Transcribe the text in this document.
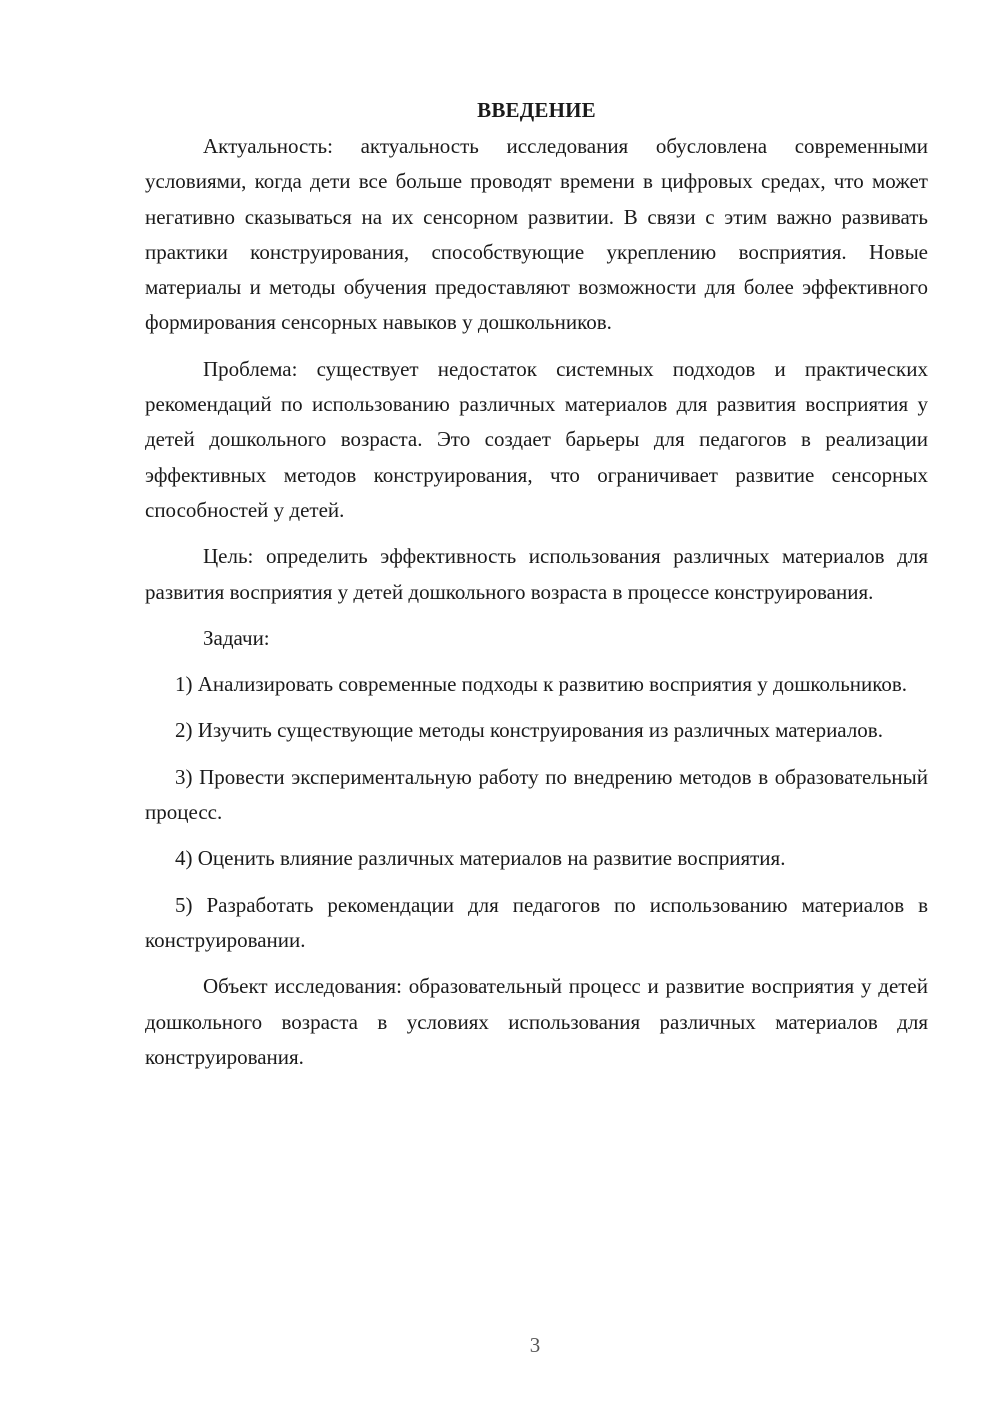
ВВЕДЕНИЕ

Актуальность: актуальность исследования обусловлена современными условиями, когда дети все больше проводят времени в цифровых средах, что может негативно сказываться на их сенсорном развитии. В связи с этим важно развивать практики конструирования, способствующие укреплению восприятия. Новые материалы и методы обучения предоставляют возможности для более эффективного формирования сенсорных навыков у дошкольников.

Проблема: существует недостаток системных подходов и практических рекомендаций по использованию различных материалов для развития восприятия у детей дошкольного возраста. Это создает барьеры для педагогов в реализации эффективных методов конструирования, что ограничивает развитие сенсорных способностей у детей.

Цель: определить эффективность использования различных материалов для развития восприятия у детей дошкольного возраста в процессе конструирования.

Задачи:

1) Анализировать современные подходы к развитию восприятия у дошкольников.

2) Изучить существующие методы конструирования из различных материалов.

3) Провести экспериментальную работу по внедрению методов в образовательный процесс.

4) Оценить влияние различных материалов на развитие восприятия.

5) Разработать рекомендации для педагогов по использованию материалов в конструировании.

Объект исследования: образовательный процесс и развитие восприятия у детей дошкольного возраста в условиях использования различных материалов для конструирования.

3
